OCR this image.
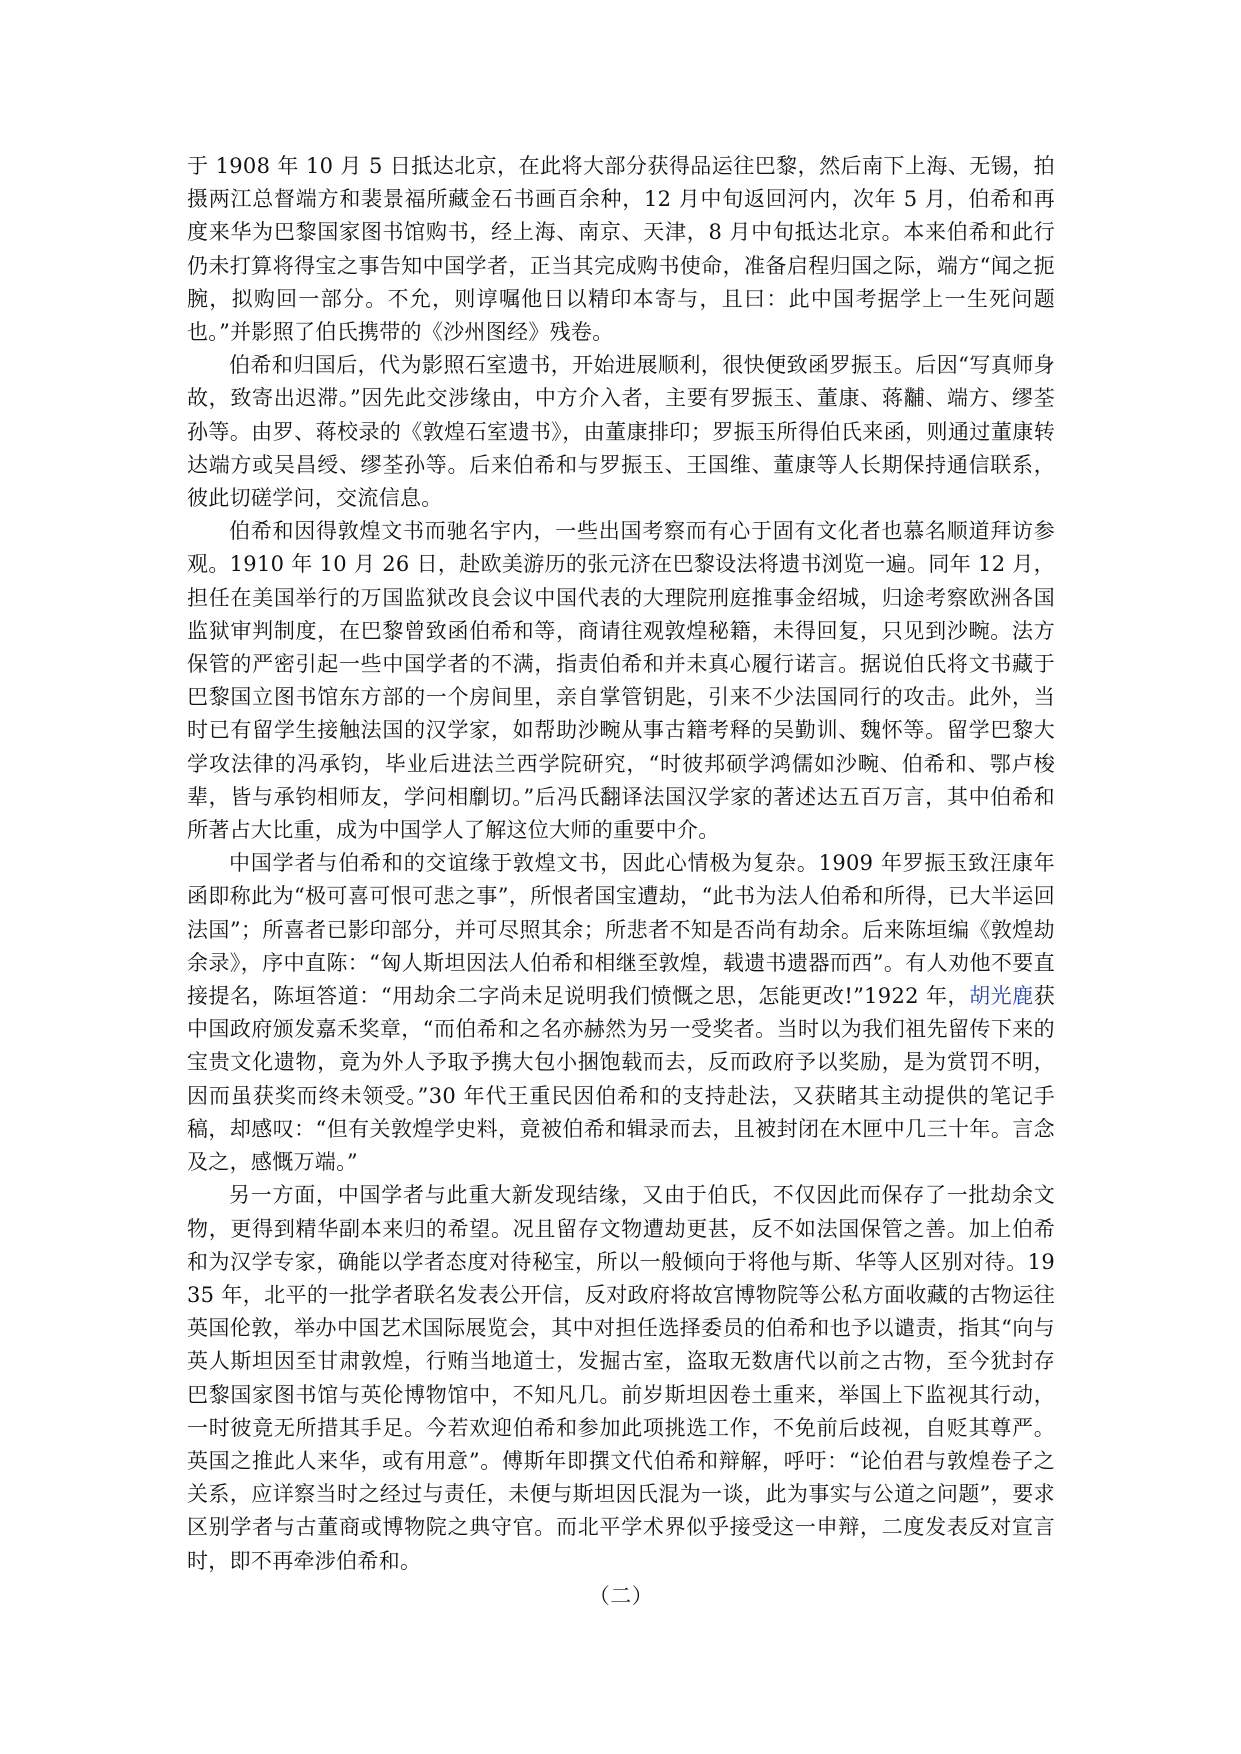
于 1908 年 10 月 5 日抵达北京，在此将大部分获得品运往巴黎，然后南下上海、无锡，拍摄两江总督端方和裴景福所藏金石书画百余种，12 月中旬返回河内，次年 5 月，伯希和再度来华为巴黎国家图书馆购书，经上海、南京、天津，8 月中旬抵达北京。本来伯希和此行仍未打算将得宝之事告知中国学者，正当其完成购书使命，准备启程归国之际，端方“闻之扼腕，拟购回一部分。不允，则谆嘱他日以精印本寄与，且曰：此中国考据学上一生死问题也。”并影照了伯氏携带的《沙州图经》残卷。

伯希和归国后，代为影照石室遗书，开始进展顺利，很快便致函罗振玉。后因“写真师身故，致寄出迟滞。”因先此交涉缘由，中方介入者，主要有罗振玉、董康、蒋黼、端方、缪荃孙等。由罗、蒋校录的《敦煌石室遗书》，由董康排印；罗振玉所得伯氏来函，则通过董康转达端方或吴昌绶、缪荃孙等。后来伯希和与罗振玉、王国维、董康等人长期保持通信联系，彼此切磋学问，交流信息。

伯希和因得敦煌文书而驰名宇内，一些出国考察而有心于固有文化者也慕名顺道拜访参观。1910 年 10 月 26 日，赴欧美游历的张元济在巴黎设法将遗书浏览一遍。同年 12 月，担任在美国举行的万国监狱改良会议中国代表的大理院刑庭推事金绍城，归途考察欧洲各国监狱审判制度，在巴黎曾致函伯希和等，商请往观敦煌秘籍，未得回复，只见到沙畹。法方保管的严密引起一些中国学者的不满，指责伯希和并未真心履行诺言。据说伯氏将文书藏于巴黎国立图书馆东方部的一个房间里，亲自掌管钥匙，引来不少法国同行的攻击。此外，当时已有留学生接触法国的汉学家，如帮助沙畹从事古籍考释的吴勤训、魏怀等。留学巴黎大学攻法律的冯承钧，毕业后进法兰西学院研究，“时彼邦硕学鸿儒如沙畹、伯希和、鄂卢梭辈，皆与承钧相师友，学问相劘切。”后冯氏翻译法国汉学家的著述达五百万言，其中伯希和所著占大比重，成为中国学人了解这位大师的重要中介。

中国学者与伯希和的交谊缘于敦煌文书，因此心情极为复杂。1909 年罗振玉致汪康年函即称此为“极可喜可恨可悲之事”，所恨者国宝遭劫，“此书为法人伯希和所得，已大半运回法国”；所喜者已影印部分，并可尽照其余；所悲者不知是否尚有劫余。后来陈垣编《敦煌劫余录》，序中直陈：“匈人斯坦因法人伯希和相继至敦煌，载遗书遗器而西”。有人劝他不要直接提名，陈垣答道：“用劫余二字尚未足说明我们愤慨之思，怎能更改!”1922 年，胡光鹿获中国政府颁发嘉禾奖章，“而伯希和之名亦赫然为另一受奖者。当时以为我们祖先留传下来的宝贵文化遗物，竟为外人予取予携大包小捆饱载而去，反而政府予以奖励，是为赏罚不明，因而虽获奖而终未领受。”30 年代王重民因伯希和的支持赴法，又获睹其主动提供的笔记手稿，却感叹：“但有关敦煌学史料，竟被伯希和辑录而去，且被封闭在木匣中几三十年。言念及之，感慨万端。”

另一方面，中国学者与此重大新发现结缘，又由于伯氏，不仅因此而保存了一批劫余文物，更得到精华副本来归的希望。况且留存文物遭劫更甚，反不如法国保管之善。加上伯希和为汉学专家，确能以学者态度对待秘宝，所以一般倾向于将他与斯、华等人区别对待。1935 年，北平的一批学者联名发表公开信，反对政府将故宫博物院等公私方面收藏的古物运往英国伦敦，举办中国艺术国际展览会，其中对担任选择委员的伯希和也予以谴责，指其“向与英人斯坦因至甘肃敦煌，行贿当地道士，发掘古室，盗取无数唐代以前之古物，至今犹封存巴黎国家图书馆与英伦博物馆中，不知凡几。前岁斯坦因卷土重来，举国上下监视其行动，一时彼竟无所措其手足。今若欢迎伯希和参加此项挑选工作，不免前后歧视，自贬其尊严。英国之推此人来华，或有用意”。傅斯年即撰文代伯希和辩解，呼吁：“论伯君与敦煌卷子之关系，应详察当时之经过与责任，未便与斯坦因氏混为一谈，此为事实与公道之问题”，要求区别学者与古董商或博物院之典守官。而北平学术界似乎接受这一申辩，二度发表反对宣言时，即不再牵涉伯希和。

（二）
